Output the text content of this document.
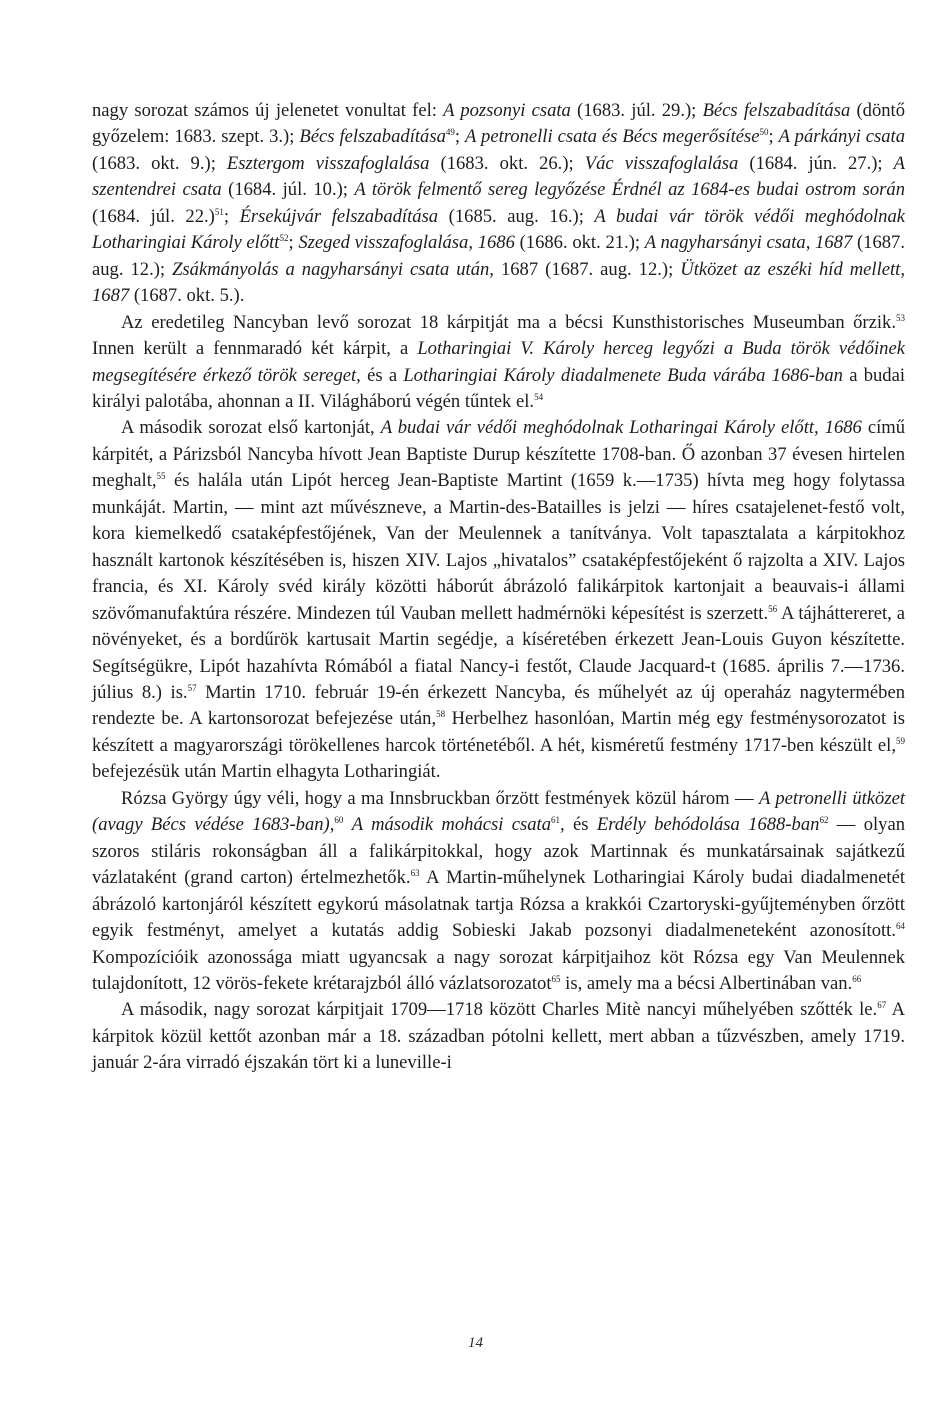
nagy sorozat számos új jelenetet vonultat fel: A pozsonyi csata (1683. júl. 29.); Bécs felszabadítása (döntő győzelem: 1683. szept. 3.); Bécs felszabadítása$^{49}$; A petronelli csata és Bécs megerősítése$^{50}$; A párkányi csata (1683. okt. 9.); Esztergom visszafoglalása (1683. okt. 26.); Vác visszafoglalása (1684. jún. 27.); A szentendrei csata (1684. júl. 10.); A török felmentő sereg legyőzése Érdnél az 1684-es budai ostrom során (1684. júl. 22.)$^{51}$; Érsekújvár felszabadítása (1685. aug. 16.); A budai vár török védői meghódolnak Lotharingiai Károly előtt$^{52}$; Szeged visszafoglalása, 1686 (1686. okt. 21.); A nagyharsányi csata, 1687 (1687. aug. 12.); Zsákmányolás a nagyharsányi csata után, 1687 (1687. aug. 12.); Ütközet az eszéki híd mellett, 1687 (1687. okt. 5.).

Az eredetileg Nancyban levő sorozat 18 kárpitját ma a bécsi Kunsthistorisches Museumban őrzik.$^{53}$ Innen került a fennmaradó két kárpit, a Lotharingiai V. Károly herceg legyőzi a Buda török védőinek megsegítésére érkező török sereget, és a Lotharingiai Károly diadalmenete Buda várába 1686-ban a budai királyi palotába, ahonnan a II. Világháború végén tűntek el.$^{54}$

A második sorozat első kartonját, A budai vár védői meghódolnak Lotharingai Károly előtt, 1686 című kárpitét, a Párizsból Nancyba hívott Jean Baptiste Durup készítette 1708-ban. Ő azonban 37 évesen hirtelen meghalt,$^{55}$ és halála után Lipót herceg Jean-Baptiste Martint (1659 k.—1735) hívta meg hogy folytassa munkáját. Martin, — mint azt művészneve, a Martin-des-Batailles is jelzi — híres csatajelenet-festő volt, kora kiemelkedő csataképfestőjének, Van der Meulennek a tanítványa. Volt tapasztalata a kárpitokhoz használt kartonok készítésében is, hiszen XIV. Lajos „hivatalos” csataképfestőjeként ő rajzolta a XIV. Lajos francia, és XI. Károly svéd király közötti háborút ábrázoló falikárpitok kartonjait a beauvais-i állami szövőmanufaktúra részére. Mindezen túl Vauban mellett hadmérnöki képesítést is szerzett.$^{56}$ A tájháttereret, a növényeket, és a bordűrök kartusait Martin segédje, a kíséretében érkezett Jean-Louis Guyon készítette. Segítségükre, Lipót hazahívta Rómából a fiatal Nancy-i festőt, Claude Jacquard-t (1685. április 7.—1736. július 8.) is.$^{57}$ Martin 1710. február 19-én érkezett Nancyba, és műhelyét az új operaház nagytermében rendezte be. A kartonsorozat befejezése után,$^{58}$ Herbelhez hasonlóan, Martin még egy festménysorozatot is készített a magyarországi törökellenes harcok történetéből. A hét, kisméretű festmény 1717-ben készült el,$^{59}$ befejezésük után Martin elhagyta Lotharingiát.

Rózsa György úgy véli, hogy a ma Innsbruckban őrzött festmények közül három — A petronelli ütközet (avagy Bécs védése 1683-ban),$^{60}$ A második mohácsi csata$^{61}$, és Erdély behódolása 1688-ban$^{62}$ — olyan szoros stiláris rokonságban áll a falikárpitokkal, hogy azok Martinnak és munkatársainak sajátkezű vázlataként (grand carton) értelmezhetők.$^{63}$ A Martin-műhelynek Lotharingiai Károly budai diadalmenetét ábrázoló kartonjáról készített egykorú másolatnak tartja Rózsa a krakkói Czartoryski-gyűjteményben őrzött egyik festményt, amelyet a kutatás addig Sobieski Jakab pozsonyi diadalmeneteként azonosított.$^{64}$ Kompozícióik azonossága miatt ugyancsak a nagy sorozat kárpitjaihoz köt Rózsa egy Van Meulennek tulajdonított, 12 vörös-fekete krétarajzból álló vázlatsorozatot$^{65}$ is, amely ma a bécsi Albertinában van.$^{66}$

A második, nagy sorozat kárpitjait 1709—1718 között Charles Mitè nancyi műhelyében szőtték le.$^{67}$ A kárpitok közül kettőt azonban már a 18. században pótolni kellett, mert abban a tűzvészben, amely 1719. január 2-ára virradó éjszakán tört ki a luneville-i

14
